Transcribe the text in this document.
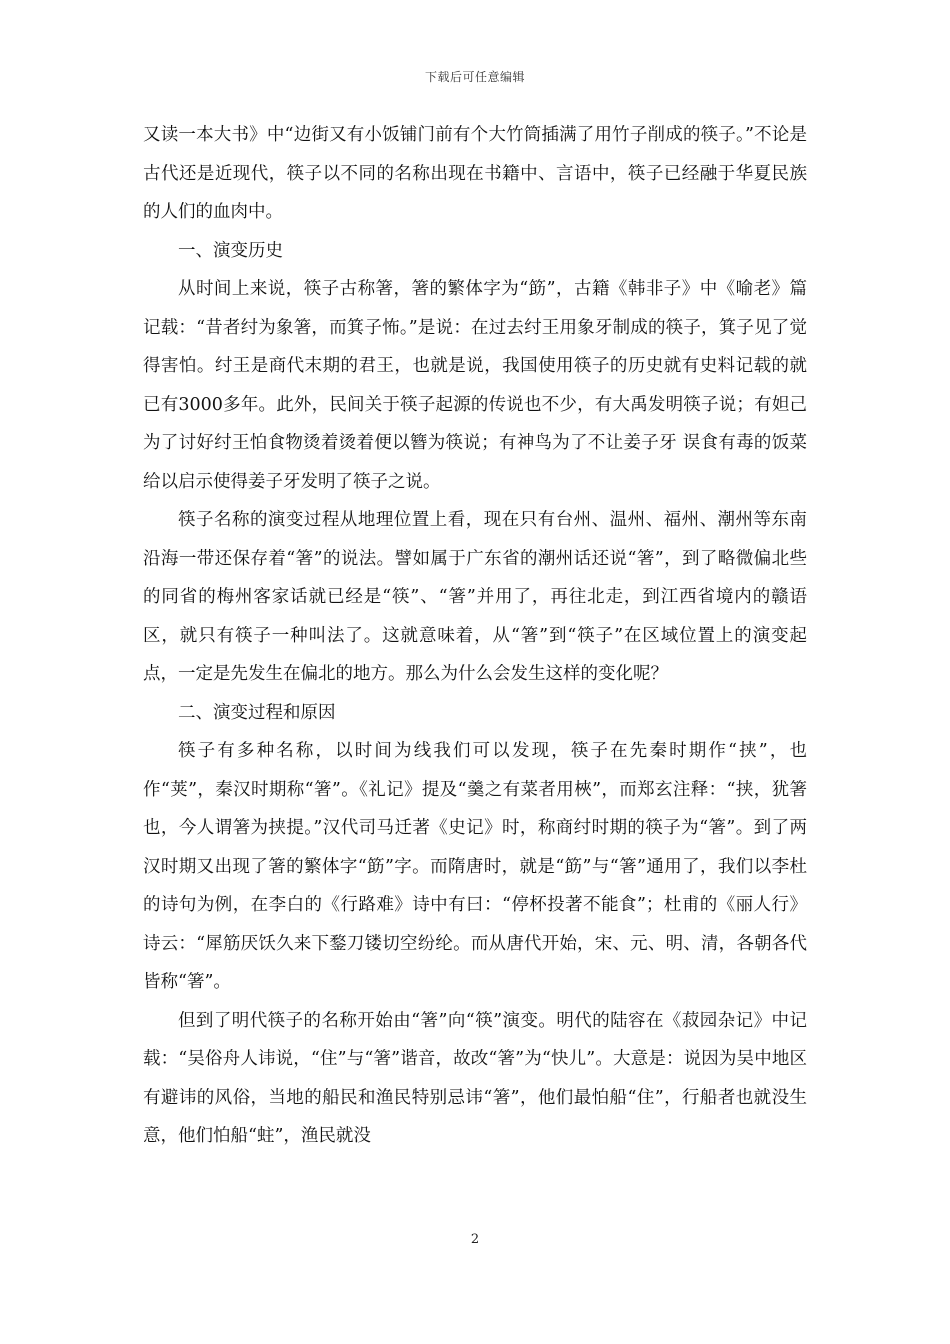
下载后可任意编辑

又读一本大书》中“边街又有小饭铺门前有个大竹筒插满了用竹子削成的筷子。”不论是古代还是近现代，筷子以不同的名称出现在书籍中、言语中，筷子已经融于华夏民族的人们的血肉中。

一、演变历史

从时间上来说，筷子古称箸，箸的繁体字为“筯”，古籍《韩非子》中《喻老》篇记载：“昔者纣为象箸，而箕子怖。”是说：在过去纣王用象牙制成的筷子，箕子见了觉得害怕。纣王是商代末期的君王，也就是说，我国使用筷子的历史就有史料记载的就已有3000多年。此外，民间关于筷子起源的传说也不少，有大禹发明筷子说；有妲己为了讨好纣王怕食物烫着烫着便以簪为筷说；有神鸟为了不让姜子牙 误食有毒的饭菜给以启示使得姜子牙发明了筷子之说。

筷子名称的演变过程从地理位置上看，现在只有台州、温州、福州、潮州等东南沿海一带还保存着“箸”的说法。譬如属于广东省的潮州话还说“箸”，到了略微偏北些的同省的梅州客家话就已经是“筷”、“箸”并用了，再往北走，到江西省境内的赣语区，就只有筷子一种叫法了。这就意味着，从“箸”到“筷子”在区域位置上的演变起点，一定是先发生在偏北的地方。那么为什么会发生这样的变化呢？

二、演变过程和原因

筷子有多种名称，以时间为线我们可以发现，筷子在先秦时期作“挟”，也作“荚”，秦汉时期称“箸”。《礼记》提及“羹之有菜者用梜”，而郑玄注释：“挟，犹箸也，今人谓箸为挟提。”汉代司马迁著《史记》时，称商纣时期的筷子为“箸”。到了两汉时期又出现了箸的繁体字“筯”字。而隋唐时，就是“筯”与“箸”通用了，我们以李杜的诗句为例，在李白的《行路难》诗中有曰：“停杯投著不能食”；杜甫的《丽人行》诗云：“犀筋厌饫久来下鍪刀镂切空纷纶。而从唐代开始，宋、元、明、清，各朝各代皆称“箸”。

但到了明代筷子的名称开始由“箸”向“筷”演变。明代的陆容在《菽园杂记》中记载：“吴俗舟人讳说，“住”与“箸”谐音，故改“箸”为“快儿”。大意是：说因为吴中地区有避讳的风俗，当地的船民和渔民特别忌讳“箸”，他们最怕船“住”，行船者也就没生意，他们怕船“蛀”，渔民就没

2
